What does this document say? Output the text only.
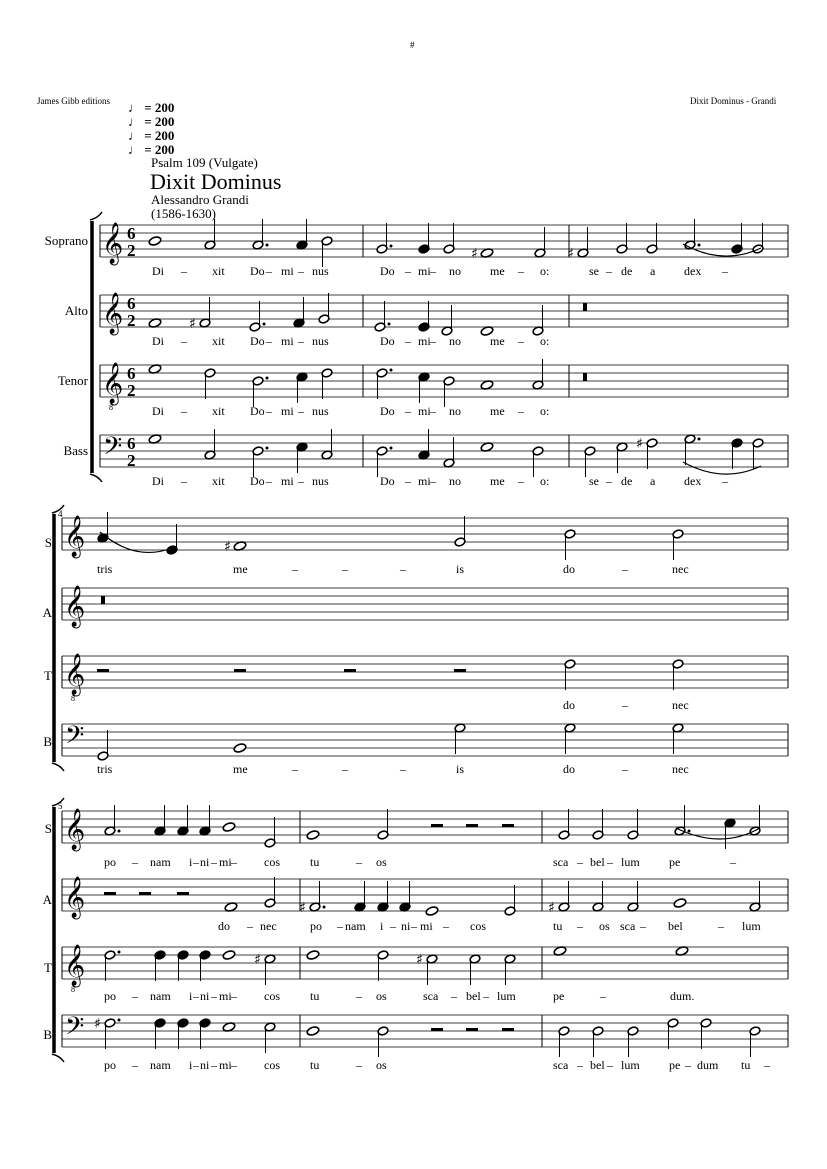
#
James Gibb editions	Dixit Dominus - Grandi
♩ = 200
♩ = 200
♩ = 200
♩ = 200
Psalm 109 (Vulgate)
Dixit Dominus
Alessandro Grandi
(1586-1630)
Soprano
Alto
Tenor
Bass
S
A
T
B
S
A
T
B
4
5
𝄞 6
2
𝄞 6
2
𝄞
8
6
2
𝄢 6
2
𝄞
𝄞
𝄞
8
𝄢
𝄞
𝄞
𝄞
8
𝄢
♯	♯
♯
♯
♯
♯	♯
♯	♯
♯
Di – xit Do – mi – nus	Do – mi – no me – o:	se – de a dex –
Di – xit Do – mi – nus	Do – mi – no me – o:
Di – xit Do – mi – nus	Do – mi – no me – o:
Di – xit Do – mi – nus	Do – mi – no me – o:	se – de a dex –
tris	me	–	–	–	is	do	–	nec
do	–	nec
tris	me	–	–	–	is	do	–	nec
po – nam i – ni – mi – cos	tu	– os	sca – bel – lum pe	–
do – nec	po – nam i – ni – mi – cos	tu – os sca – bel	– lum
po – nam i – ni – mi – cos	tu	– os	sca – bel – lum	pe	–	dum.
po – nam i – ni – mi – cos	tu	– os	sca – bel – lum pe – dum tu –
